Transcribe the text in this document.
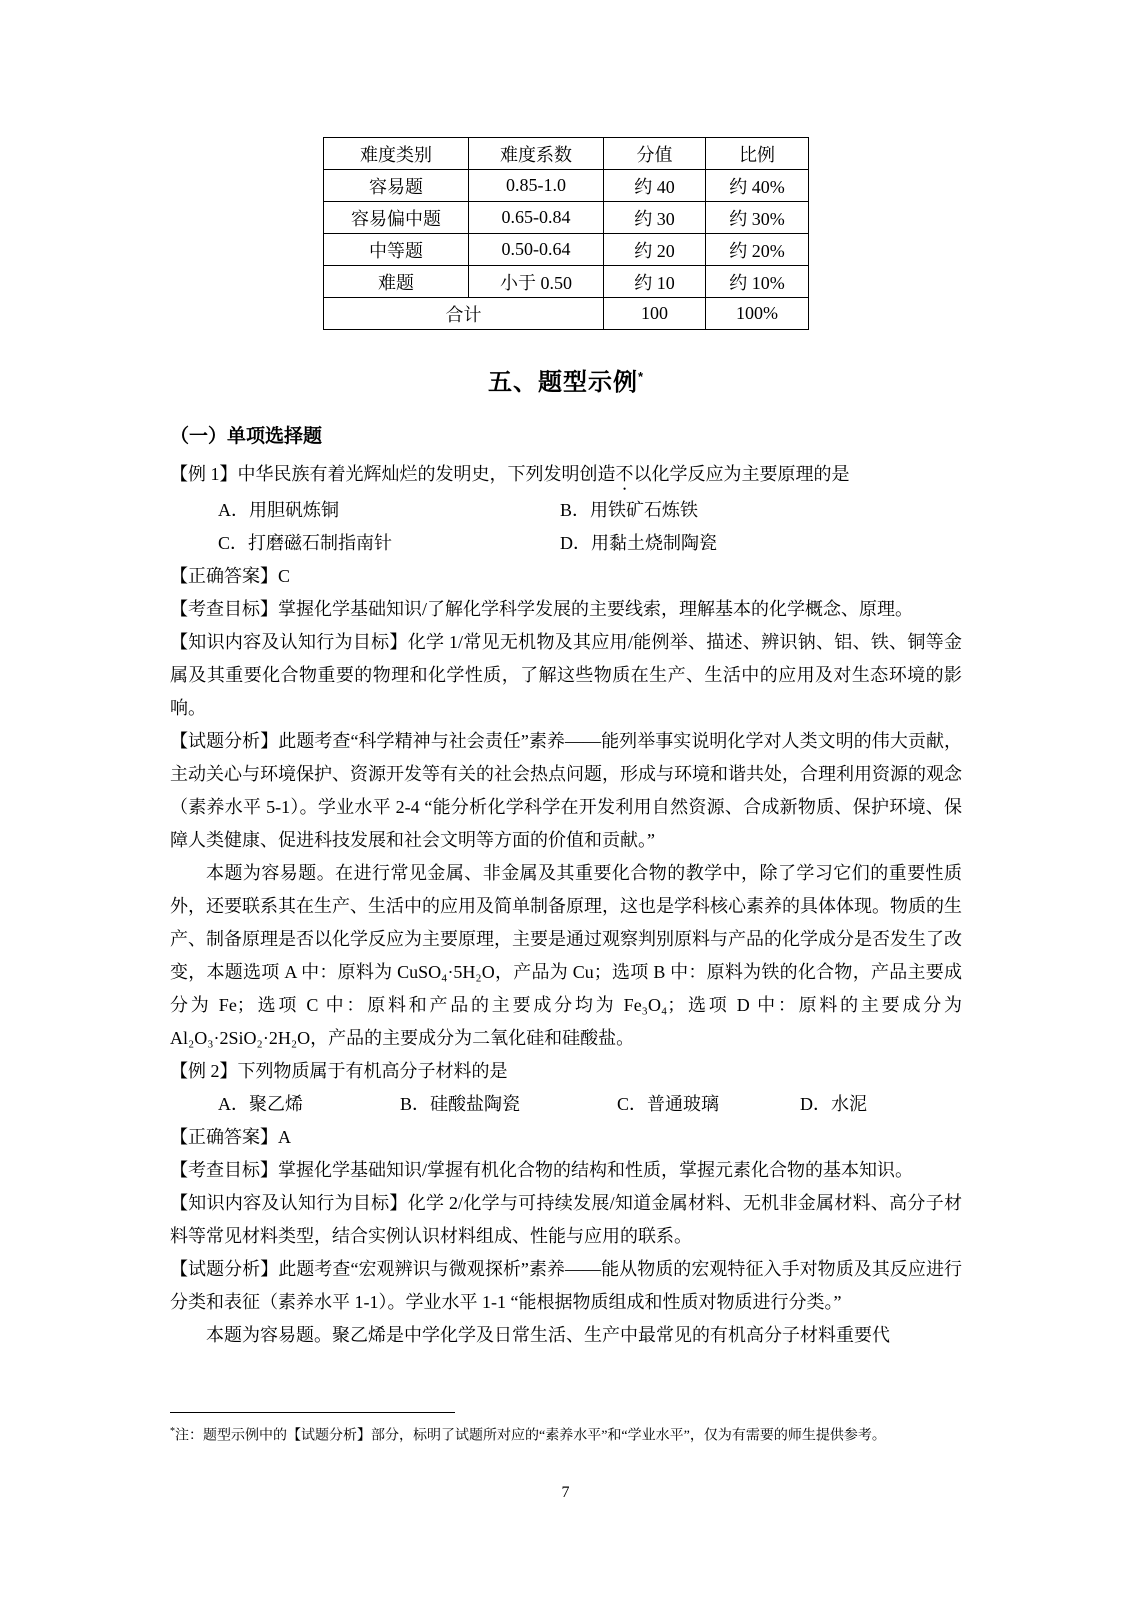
难度类别	难度系数	分值	比例
容易题	0.85-1.0	约 40	约 40%
容易偏中题	0.65-0.84	约 30	约 30%
中等题	0.50-0.64	约 20	约 20%
难题	小于 0.50	约 10	约 10%
合计		100	100%
五、题型示例*
（一）单项选择题

【例 1】中华民族有着光辉灿烂的发明史，下列发明创造不以化学反应为主要原理的是

A．用胆矾炼铜	B．用铁矿石炼铁

C．打磨磁石制指南针	D．用黏土烧制陶瓷

【正确答案】C

【考查目标】掌握化学基础知识/了解化学科学发展的主要线索，理解基本的化学概念、原理。

【知识内容及认知行为目标】化学 1/常见无机物及其应用/能例举、描述、辨识钠、铝、铁、铜等金属及其重要化合物重要的物理和化学性质，了解这些物质在生产、生活中的应用及对生态环境的影响。

【试题分析】此题考查“科学精神与社会责任”素养——能列举事实说明化学对人类文明的伟大贡献，主动关心与环境保护、资源开发等有关的社会热点问题，形成与环境和谐共处，合理利用资源的观念（素养水平 5-1）。学业水平 2-4 “能分析化学科学在开发利用自然资源、合成新物质、保护环境、保障人类健康、促进科技发展和社会文明等方面的价值和贡献。”

本题为容易题。在进行常见金属、非金属及其重要化合物的教学中，除了学习它们的重要性质外，还要联系其在生产、生活中的应用及简单制备原理，这也是学科核心素养的具体体现。物质的生产、制备原理是否以化学反应为主要原理，主要是通过观察判别原料与产品的化学成分是否发生了改变，本题选项 A 中：原料为 CuSO₄·5H₂O，产品为 Cu；选项 B 中：原料为铁的化合物，产品主要成分为 Fe；选项 C 中：原料和产品的主要成分均为 Fe₃O₄；选项 D 中：原料的主要成分为 Al₂O₃·2SiO₂·2H₂O，产品的主要成分为二氧化硅和硅酸盐。

【例 2】下列物质属于有机高分子材料的是

A．聚乙烯	B．硅酸盐陶瓷	C．普通玻璃	D．水泥

【正确答案】A

【考查目标】掌握化学基础知识/掌握有机化合物的结构和性质，掌握元素化合物的基本知识。

【知识内容及认知行为目标】化学 2/化学与可持续发展/知道金属材料、无机非金属材料、高分子材料等常见材料类型，结合实例认识材料组成、性能与应用的联系。

【试题分析】此题考查“宏观辨识与微观探析”素养——能从物质的宏观特征入手对物质及其反应进行分类和表征（素养水平 1-1）。学业水平 1-1 “能根据物质组成和性质对物质进行分类。”

本题为容易题。聚乙烯是中学化学及日常生活、生产中最常见的有机高分子材料重要代

*注：题型示例中的【试题分析】部分，标明了试题所对应的“素养水平”和“学业水平”，仅为有需要的师生提供参考。

7
